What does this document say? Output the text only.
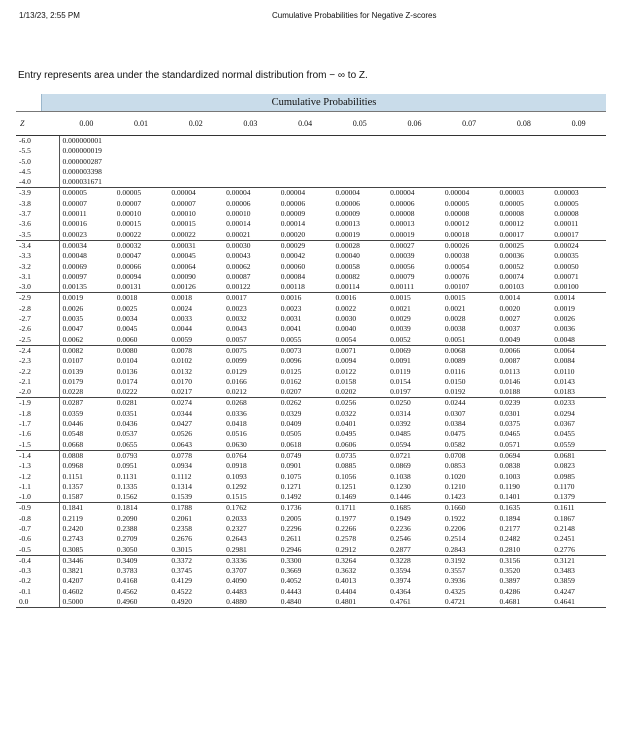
1/13/23, 2:55 PM	Cumulative Probabilities for Negative Z-scores
Entry represents area under the standardized normal distribution from − ∞ to Z.
Cumulative Probabilities
Z	0.00	0.01	0.02	0.03	0.04	0.05	0.06	0.07	0.08	0.09
-6.0	0.000000001									
-5.5	0.000000019									
-5.0	0.000000287									
-4.5	0.000003398									
-4.0	0.000031671									
-3.9	0.00005	0.00005	0.00004	0.00004	0.00004	0.00004	0.00004	0.00004	0.00003	0.00003
-3.8	0.00007	0.00007	0.00007	0.00006	0.00006	0.00006	0.00006	0.00005	0.00005	0.00005
-3.7	0.00011	0.00010	0.00010	0.00010	0.00009	0.00009	0.00008	0.00008	0.00008	0.00008
-3.6	0.00016	0.00015	0.00015	0.00014	0.00014	0.00013	0.00013	0.00012	0.00012	0.00011
-3.5	0.00023	0.00022	0.00022	0.00021	0.00020	0.00019	0.00019	0.00018	0.00017	0.00017
-3.4	0.00034	0.00032	0.00031	0.00030	0.00029	0.00028	0.00027	0.00026	0.00025	0.00024
-3.3	0.00048	0.00047	0.00045	0.00043	0.00042	0.00040	0.00039	0.00038	0.00036	0.00035
-3.2	0.00069	0.00066	0.00064	0.00062	0.00060	0.00058	0.00056	0.00054	0.00052	0.00050
-3.1	0.00097	0.00094	0.00090	0.00087	0.00084	0.00082	0.00079	0.00076	0.00074	0.00071
-3.0	0.00135	0.00131	0.00126	0.00122	0.00118	0.00114	0.00111	0.00107	0.00103	0.00100
-2.9	0.0019	0.0018	0.0018	0.0017	0.0016	0.0016	0.0015	0.0015	0.0014	0.0014
-2.8	0.0026	0.0025	0.0024	0.0023	0.0023	0.0022	0.0021	0.0021	0.0020	0.0019
-2.7	0.0035	0.0034	0.0033	0.0032	0.0031	0.0030	0.0029	0.0028	0.0027	0.0026
-2.6	0.0047	0.0045	0.0044	0.0043	0.0041	0.0040	0.0039	0.0038	0.0037	0.0036
-2.5	0.0062	0.0060	0.0059	0.0057	0.0055	0.0054	0.0052	0.0051	0.0049	0.0048
-2.4	0.0082	0.0080	0.0078	0.0075	0.0073	0.0071	0.0069	0.0068	0.0066	0.0064
-2.3	0.0107	0.0104	0.0102	0.0099	0.0096	0.0094	0.0091	0.0089	0.0087	0.0084
-2.2	0.0139	0.0136	0.0132	0.0129	0.0125	0.0122	0.0119	0.0116	0.0113	0.0110
-2.1	0.0179	0.0174	0.0170	0.0166	0.0162	0.0158	0.0154	0.0150	0.0146	0.0143
-2.0	0.0228	0.0222	0.0217	0.0212	0.0207	0.0202	0.0197	0.0192	0.0188	0.0183
-1.9	0.0287	0.0281	0.0274	0.0268	0.0262	0.0256	0.0250	0.0244	0.0239	0.0233
-1.8	0.0359	0.0351	0.0344	0.0336	0.0329	0.0322	0.0314	0.0307	0.0301	0.0294
-1.7	0.0446	0.0436	0.0427	0.0418	0.0409	0.0401	0.0392	0.0384	0.0375	0.0367
-1.6	0.0548	0.0537	0.0526	0.0516	0.0505	0.0495	0.0485	0.0475	0.0465	0.0455
-1.5	0.0668	0.0655	0.0643	0.0630	0.0618	0.0606	0.0594	0.0582	0.0571	0.0559
-1.4	0.0808	0.0793	0.0778	0.0764	0.0749	0.0735	0.0721	0.0708	0.0694	0.0681
-1.3	0.0968	0.0951	0.0934	0.0918	0.0901	0.0885	0.0869	0.0853	0.0838	0.0823
-1.2	0.1151	0.1131	0.1112	0.1093	0.1075	0.1056	0.1038	0.1020	0.1003	0.0985
-1.1	0.1357	0.1335	0.1314	0.1292	0.1271	0.1251	0.1230	0.1210	0.1190	0.1170
-1.0	0.1587	0.1562	0.1539	0.1515	0.1492	0.1469	0.1446	0.1423	0.1401	0.1379
-0.9	0.1841	0.1814	0.1788	0.1762	0.1736	0.1711	0.1685	0.1660	0.1635	0.1611
-0.8	0.2119	0.2090	0.2061	0.2033	0.2005	0.1977	0.1949	0.1922	0.1894	0.1867
-0.7	0.2420	0.2388	0.2358	0.2327	0.2296	0.2266	0.2236	0.2206	0.2177	0.2148
-0.6	0.2743	0.2709	0.2676	0.2643	0.2611	0.2578	0.2546	0.2514	0.2482	0.2451
-0.5	0.3085	0.3050	0.3015	0.2981	0.2946	0.2912	0.2877	0.2843	0.2810	0.2776
-0.4	0.3446	0.3409	0.3372	0.3336	0.3300	0.3264	0.3228	0.3192	0.3156	0.3121
-0.3	0.3821	0.3783	0.3745	0.3707	0.3669	0.3632	0.3594	0.3557	0.3520	0.3483
-0.2	0.4207	0.4168	0.4129	0.4090	0.4052	0.4013	0.3974	0.3936	0.3897	0.3859
-0.1	0.4602	0.4562	0.4522	0.4483	0.4443	0.4404	0.4364	0.4325	0.4286	0.4247
0.0	0.5000	0.4960	0.4920	0.4880	0.4840	0.4801	0.4761	0.4721	0.4681	0.4641
